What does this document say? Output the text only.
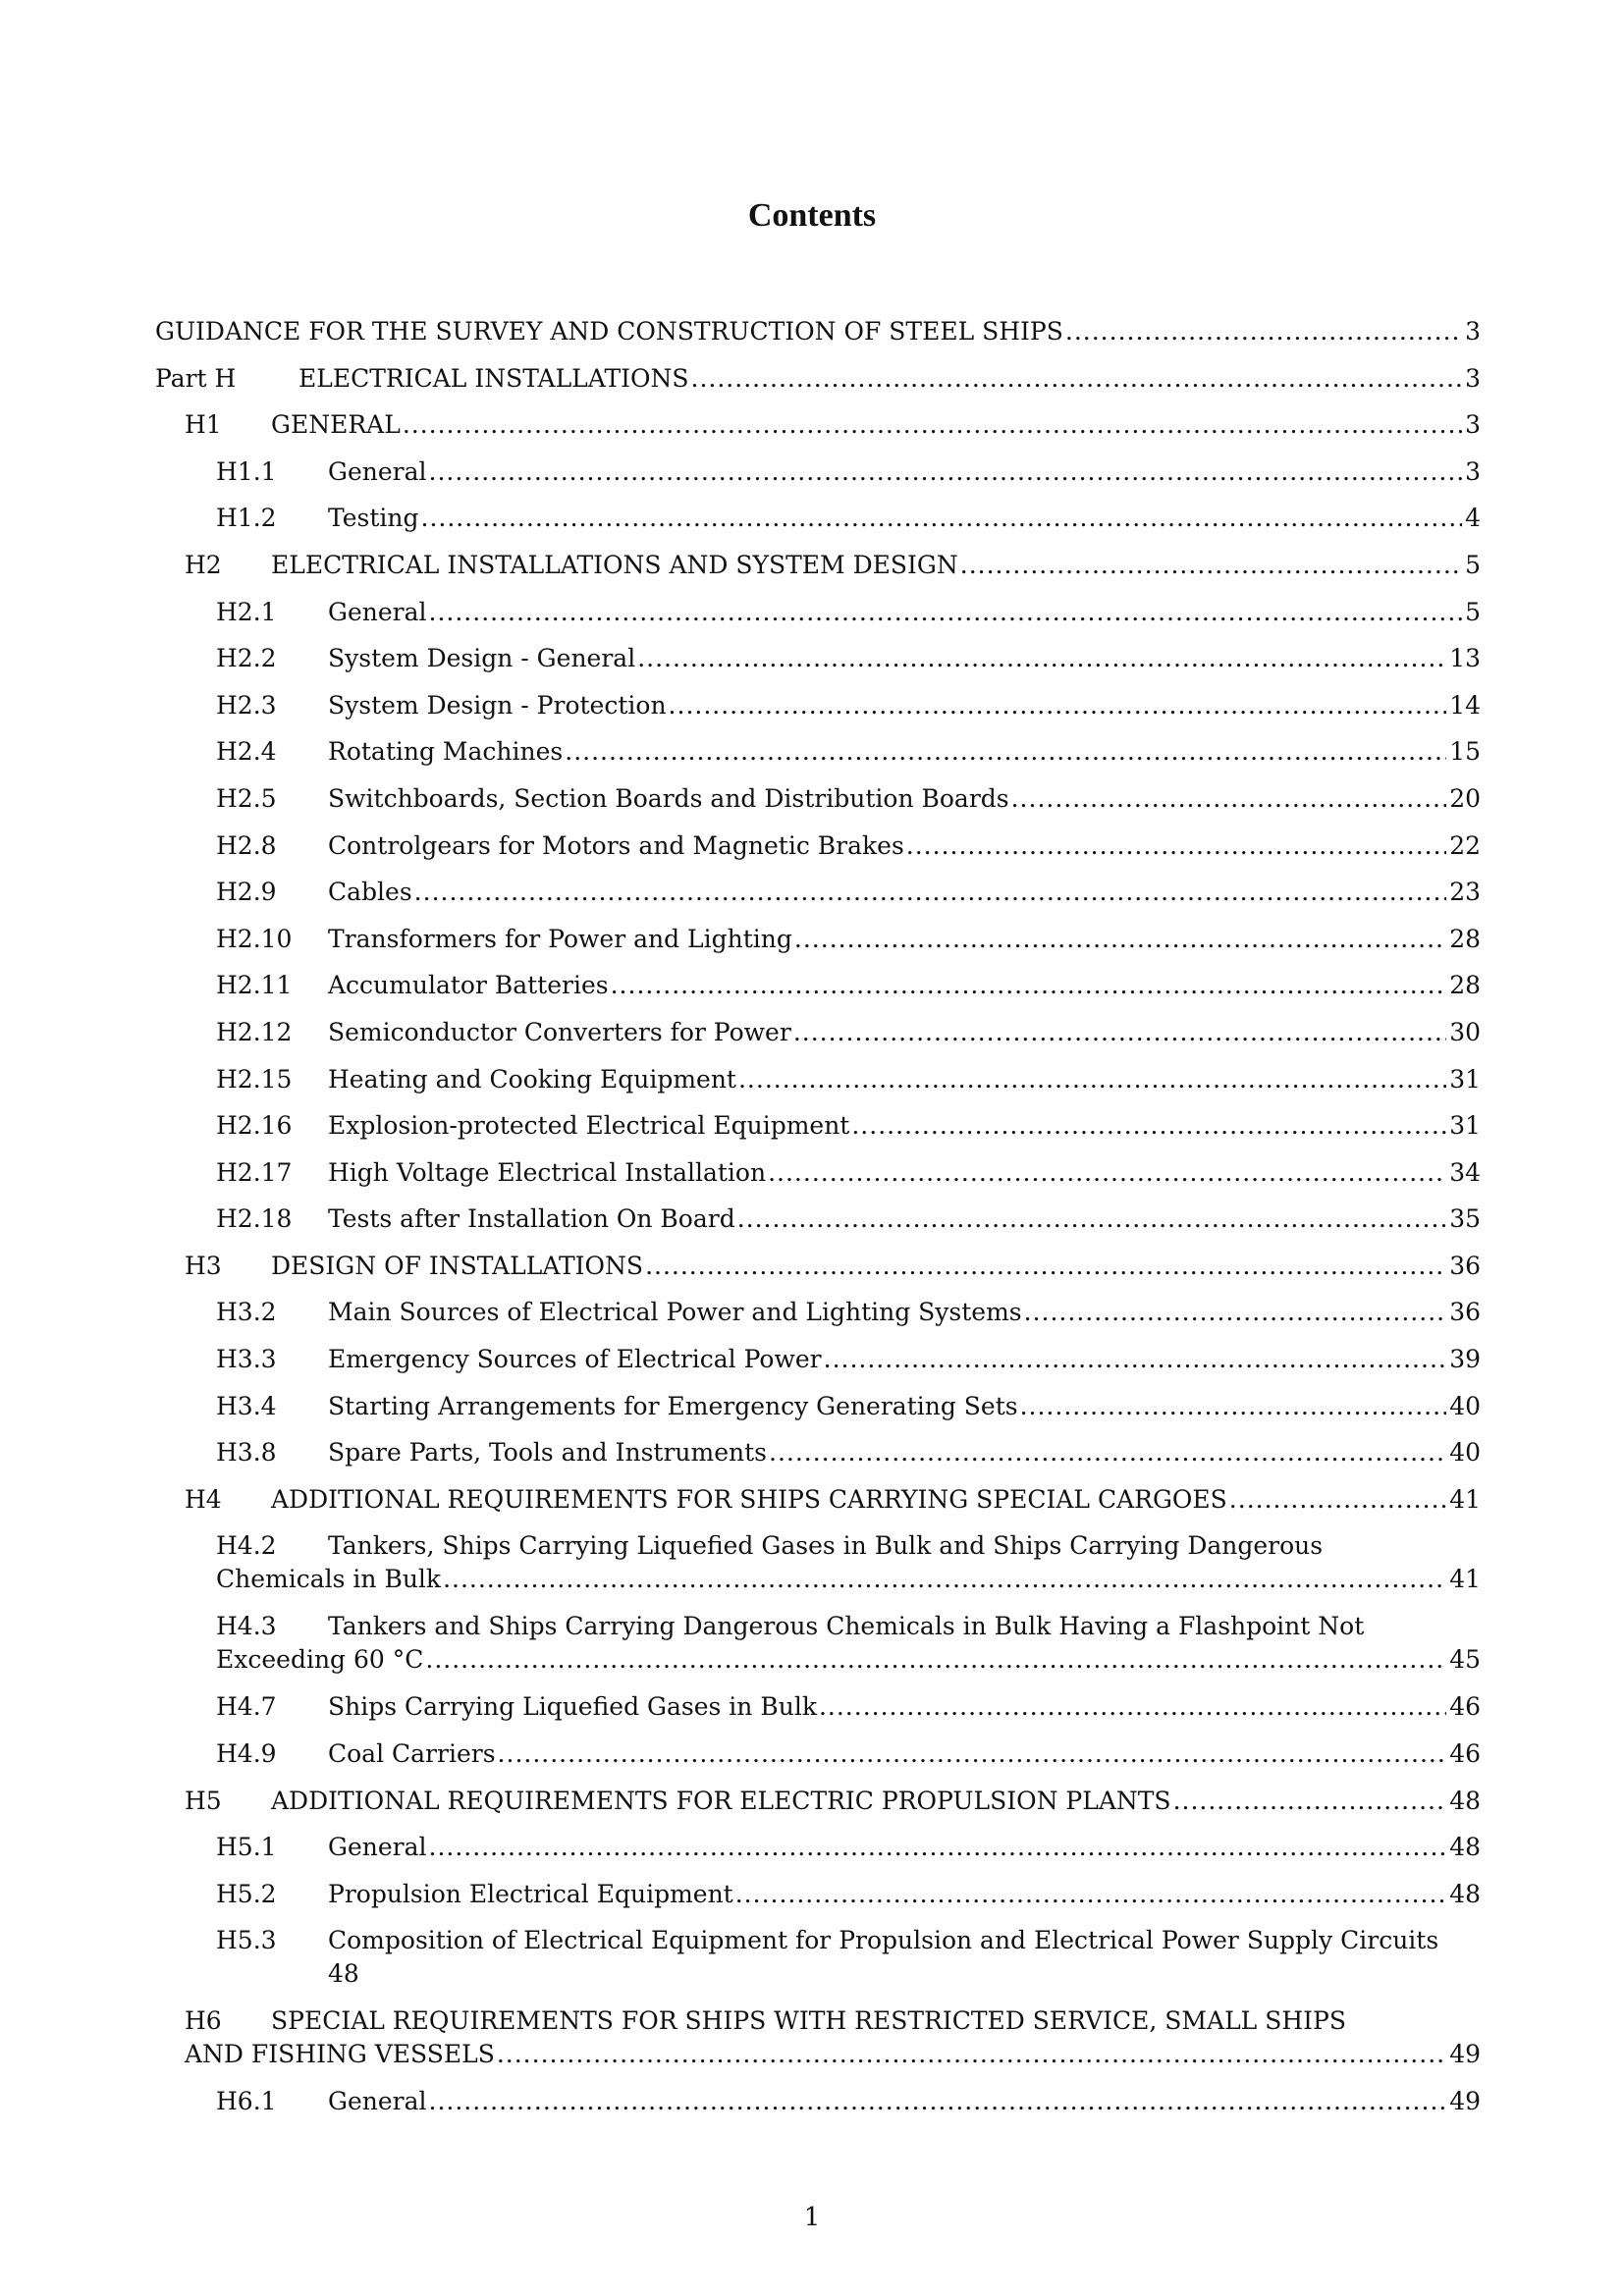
Contents
GUIDANCE FOR THE SURVEY AND CONSTRUCTION OF STEEL SHIPS .....	3
Part H	ELECTRICAL INSTALLATIONS .....	3
H1	GENERAL .....	3
H1.1	General .....	3
H1.2	Testing .....	4
H2	ELECTRICAL INSTALLATIONS AND SYSTEM DESIGN .....	5
H2.1	General .....	5
H2.2	System Design - General .....	13
H2.3	System Design - Protection .....	14
H2.4	Rotating Machines .....	15
H2.5	Switchboards, Section Boards and Distribution Boards .....	20
H2.8	Controlgears for Motors and Magnetic Brakes .....	22
H2.9	Cables .....	23
H2.10	Transformers for Power and Lighting .....	28
H2.11	Accumulator Batteries .....	28
H2.12	Semiconductor Converters for Power .....	30
H2.15	Heating and Cooking Equipment .....	31
H2.16	Explosion-protected Electrical Equipment .....	31
H2.17	High Voltage Electrical Installation .....	34
H2.18	Tests after Installation On Board .....	35
H3	DESIGN OF INSTALLATIONS .....	36
H3.2	Main Sources of Electrical Power and Lighting Systems .....	36
H3.3	Emergency Sources of Electrical Power .....	39
H3.4	Starting Arrangements for Emergency Generating Sets .....	40
H3.8	Spare Parts, Tools and Instruments .....	40
H4	ADDITIONAL REQUIREMENTS FOR SHIPS CARRYING SPECIAL CARGOES .....	41
H4.2	Tankers, Ships Carrying Liquefied Gases in Bulk and Ships Carrying Dangerous
Chemicals in Bulk .....	41
H4.3	Tankers and Ships Carrying Dangerous Chemicals in Bulk Having a Flashpoint Not
Exceeding 60 °C .....	45
H4.7	Ships Carrying Liquefied Gases in Bulk .....	46
H4.9	Coal Carriers .....	46
H5	ADDITIONAL REQUIREMENTS FOR ELECTRIC PROPULSION PLANTS .....	48
H5.1	General .....	48
H5.2	Propulsion Electrical Equipment .....	48
H5.3	Composition of Electrical Equipment for Propulsion and Electrical Power Supply Circuits
48
H6	SPECIAL REQUIREMENTS FOR SHIPS WITH RESTRICTED SERVICE, SMALL SHIPS
AND FISHING VESSELS .....	49
H6.1	General .....	49
1
